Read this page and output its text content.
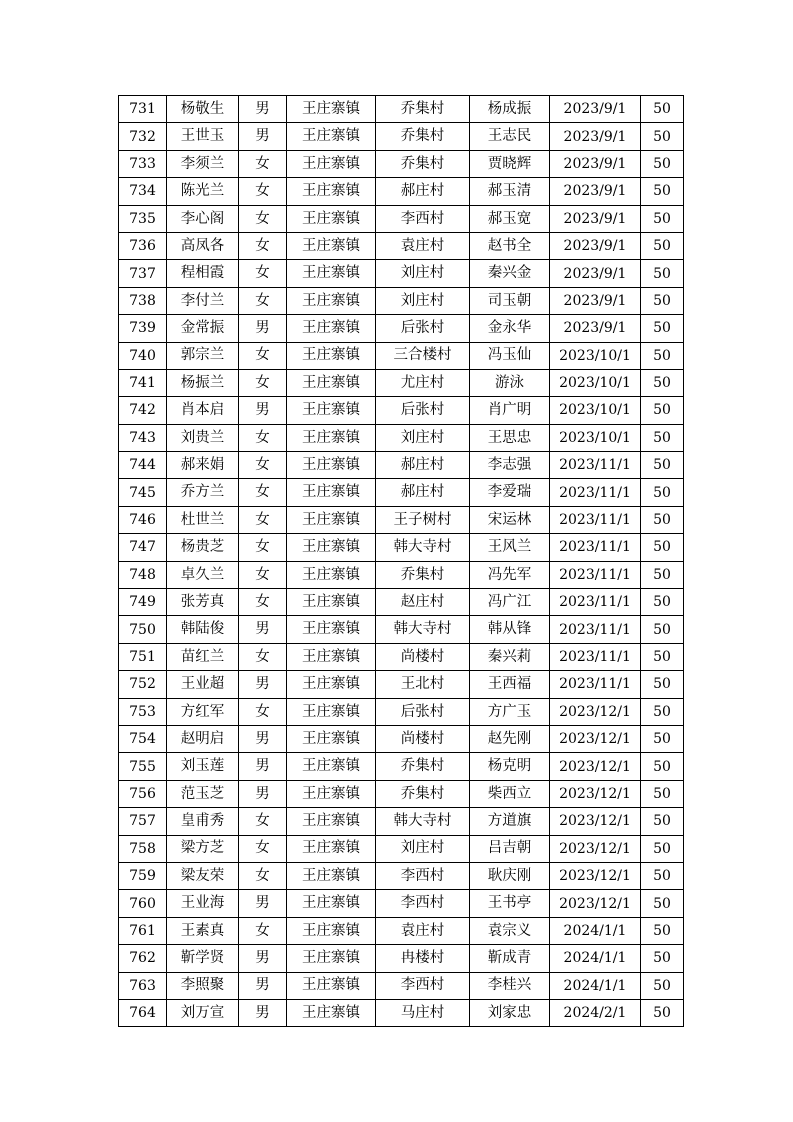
731	杨敬生	男	王庄寨镇	乔集村	杨成振	2023/9/1	50
732	王世玉	男	王庄寨镇	乔集村	王志民	2023/9/1	50
733	李须兰	女	王庄寨镇	乔集村	贾晓辉	2023/9/1	50
734	陈光兰	女	王庄寨镇	郝庄村	郝玉清	2023/9/1	50
735	李心阁	女	王庄寨镇	李西村	郝玉宽	2023/9/1	50
736	高凤各	女	王庄寨镇	袁庄村	赵书全	2023/9/1	50
737	程相霞	女	王庄寨镇	刘庄村	秦兴金	2023/9/1	50
738	李付兰	女	王庄寨镇	刘庄村	司玉朝	2023/9/1	50
739	金常振	男	王庄寨镇	后张村	金永华	2023/9/1	50
740	郭宗兰	女	王庄寨镇	三合楼村	冯玉仙	2023/10/1	50
741	杨振兰	女	王庄寨镇	尤庄村	游泳	2023/10/1	50
742	肖本启	男	王庄寨镇	后张村	肖广明	2023/10/1	50
743	刘贵兰	女	王庄寨镇	刘庄村	王思忠	2023/10/1	50
744	郝来娟	女	王庄寨镇	郝庄村	李志强	2023/11/1	50
745	乔方兰	女	王庄寨镇	郝庄村	李爱瑞	2023/11/1	50
746	杜世兰	女	王庄寨镇	王子树村	宋运林	2023/11/1	50
747	杨贵芝	女	王庄寨镇	韩大寺村	王风兰	2023/11/1	50
748	卓久兰	女	王庄寨镇	乔集村	冯先军	2023/11/1	50
749	张芳真	女	王庄寨镇	赵庄村	冯广江	2023/11/1	50
750	韩陆俊	男	王庄寨镇	韩大寺村	韩从锋	2023/11/1	50
751	苗红兰	女	王庄寨镇	尚楼村	秦兴莉	2023/11/1	50
752	王业超	男	王庄寨镇	王北村	王西福	2023/11/1	50
753	方红军	女	王庄寨镇	后张村	方广玉	2023/12/1	50
754	赵明启	男	王庄寨镇	尚楼村	赵先刚	2023/12/1	50
755	刘玉莲	男	王庄寨镇	乔集村	杨克明	2023/12/1	50
756	范玉芝	男	王庄寨镇	乔集村	柴西立	2023/12/1	50
757	皇甫秀	女	王庄寨镇	韩大寺村	方道旗	2023/12/1	50
758	梁方芝	女	王庄寨镇	刘庄村	吕吉朝	2023/12/1	50
759	梁友荣	女	王庄寨镇	李西村	耿庆刚	2023/12/1	50
760	王业海	男	王庄寨镇	李西村	王书亭	2023/12/1	50
761	王素真	女	王庄寨镇	袁庄村	袁宗义	2024/1/1	50
762	靳学贤	男	王庄寨镇	冉楼村	靳成青	2024/1/1	50
763	李照聚	男	王庄寨镇	李西村	李桂兴	2024/1/1	50
764	刘万宣	男	王庄寨镇	马庄村	刘家忠	2024/2/1	50
